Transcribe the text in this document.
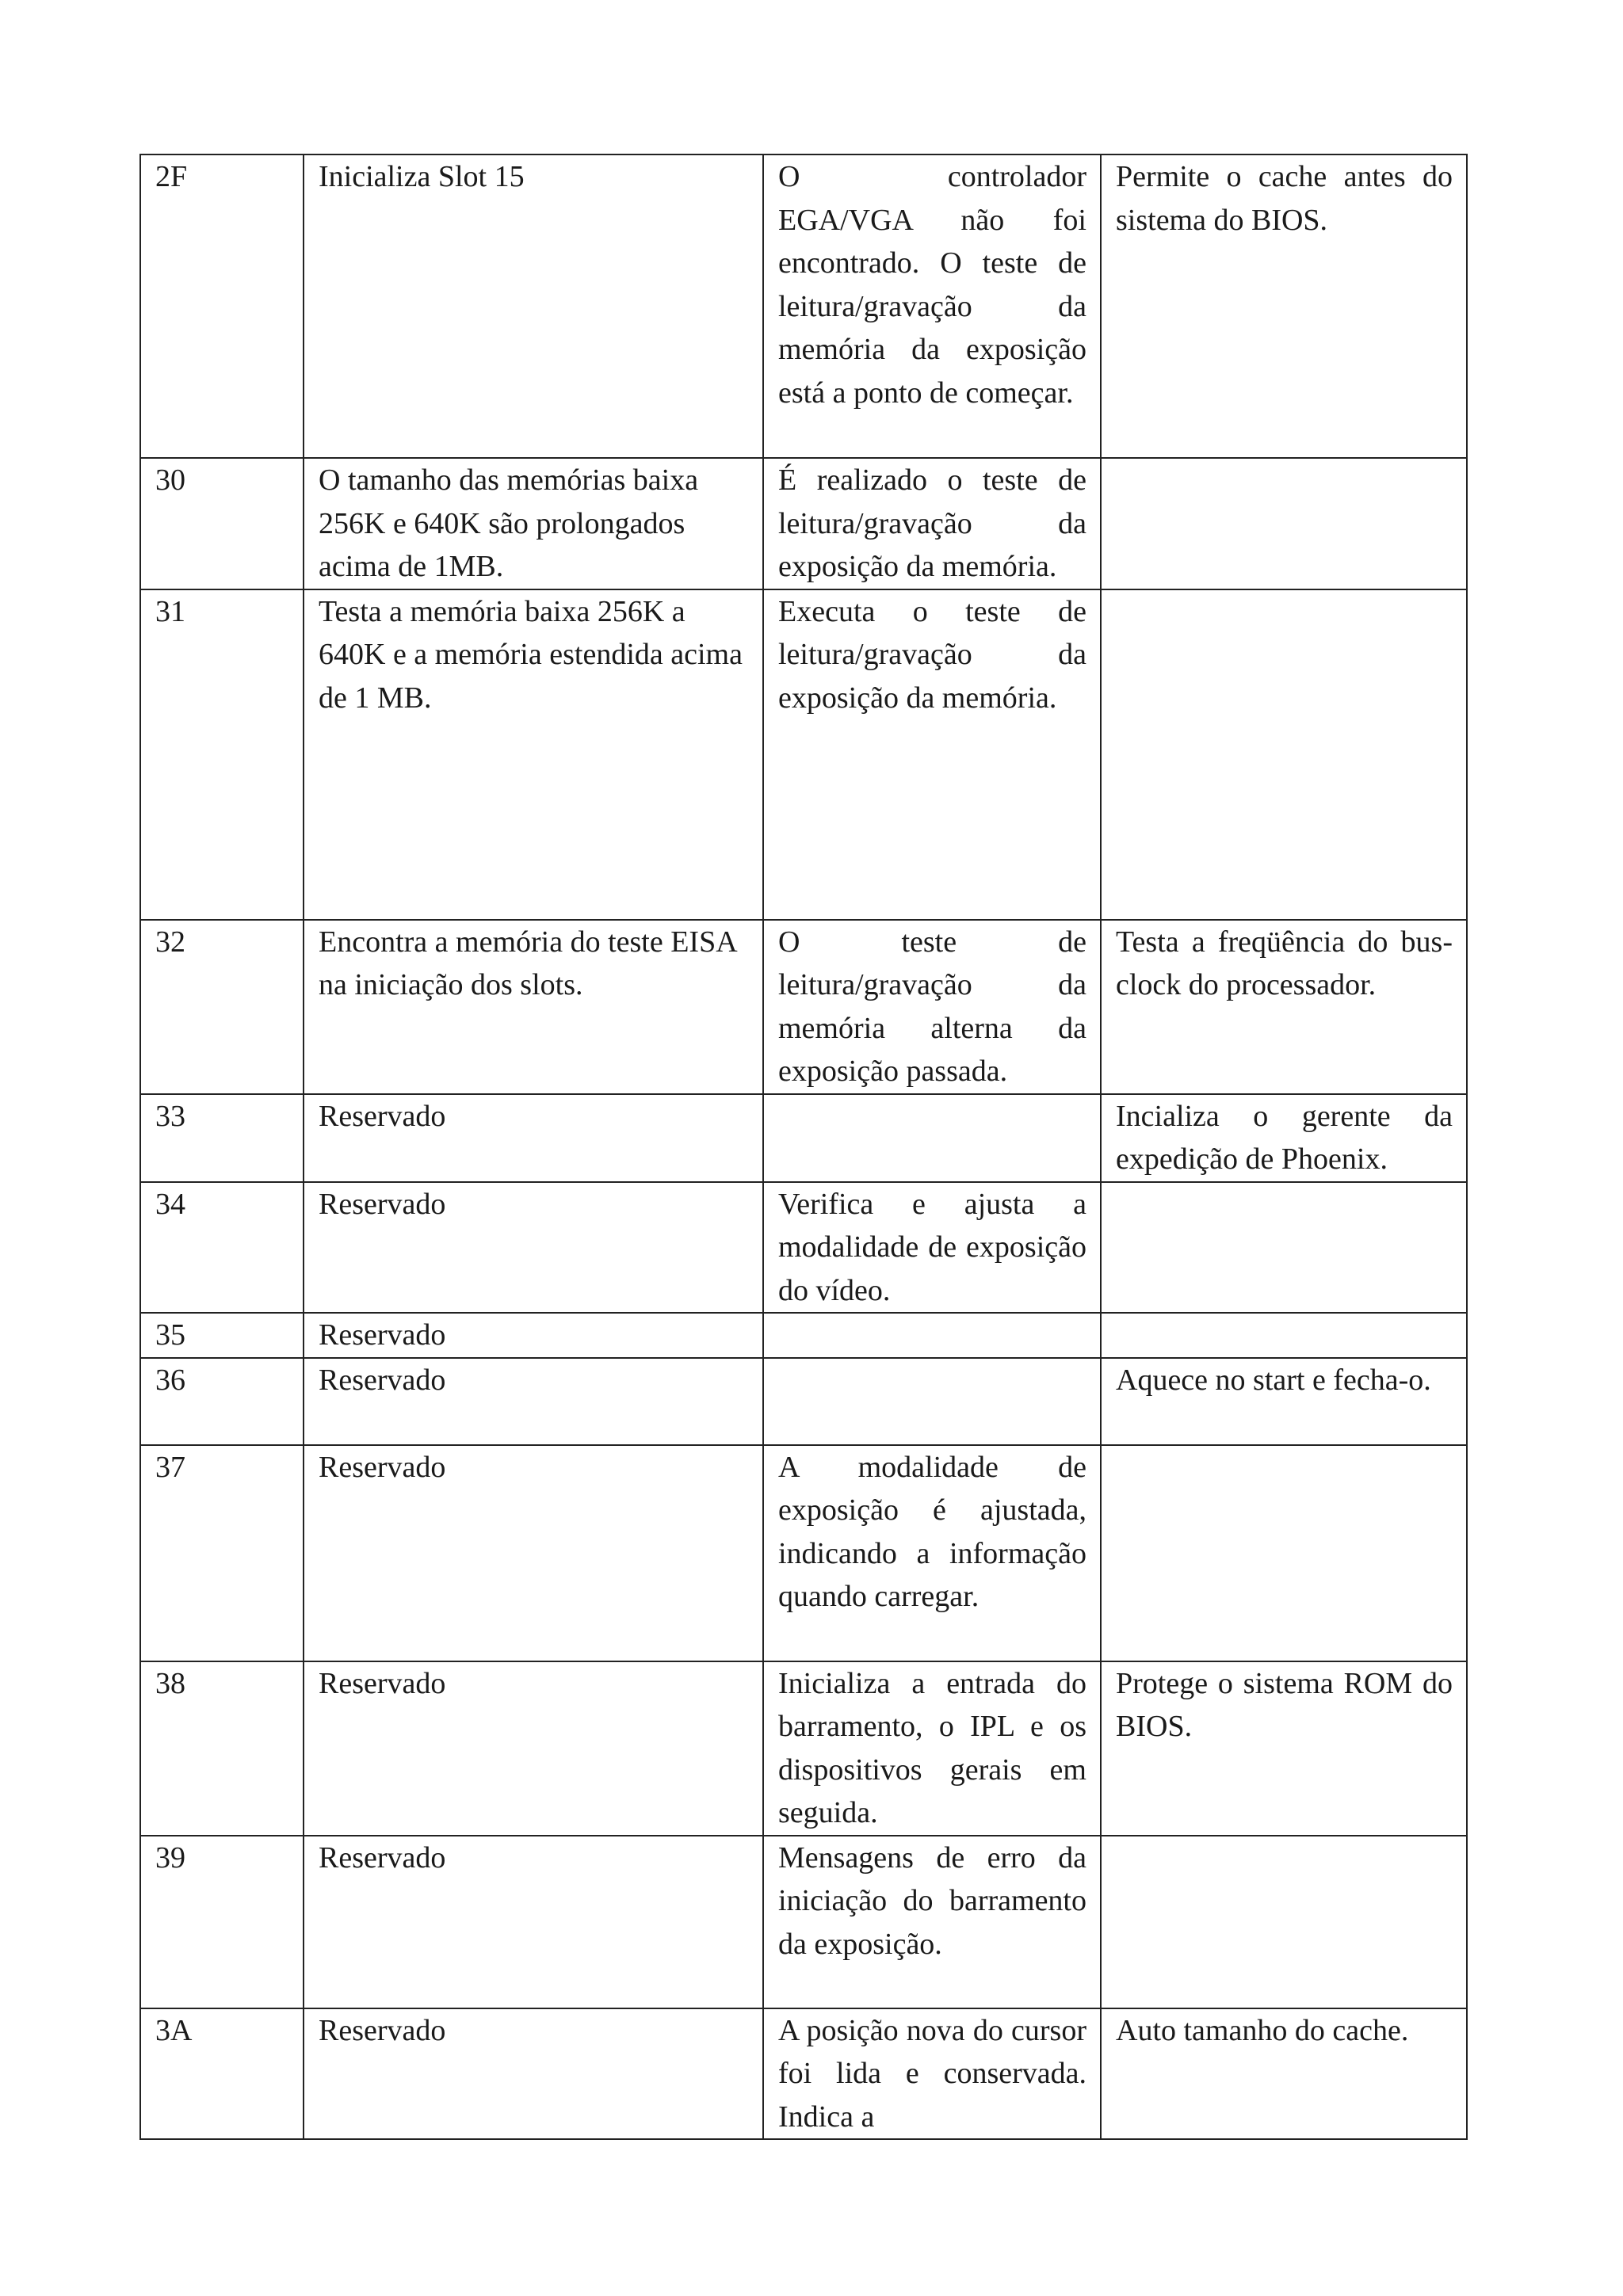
2F	Inicializa Slot 15	O controlador EGA/VGA não foi encontrado. O teste de leitura/gravação da memória da exposição está a ponto de começar.	Permite o cache antes do sistema do BIOS.
30	O tamanho das memórias baixa 256K e 640K são prolongados acima de 1MB.	É realizado o teste de leitura/gravação da exposição da memória.	
31	Testa a memória baixa 256K a 640K e a memória estendida acima de 1 MB.	Executa o teste de leitura/gravação da exposição da memória.	
32	Encontra a memória do teste EISA na iniciação dos slots.	O teste de leitura/gravação da memória alterna da exposição passada.	Testa a freqüência do bus-clock do processador.
33	Reservado		Incializa o gerente da expedição de Phoenix.
34	Reservado	Verifica e ajusta a modalidade de exposição do vídeo.	
35	Reservado		
36	Reservado		Aquece no start e fecha-o.
37	Reservado	A modalidade de exposição é ajustada, indicando a informação quando carregar.	
38	Reservado	Inicializa a entrada do barramento, o IPL e os dispositivos gerais em seguida.	Protege o sistema ROM do BIOS.
39	Reservado	Mensagens de erro da iniciação do barramento da exposição.	
3A	Reservado	A posição nova do cursor foi lida e conservada. Indica a	Auto tamanho do cache.
